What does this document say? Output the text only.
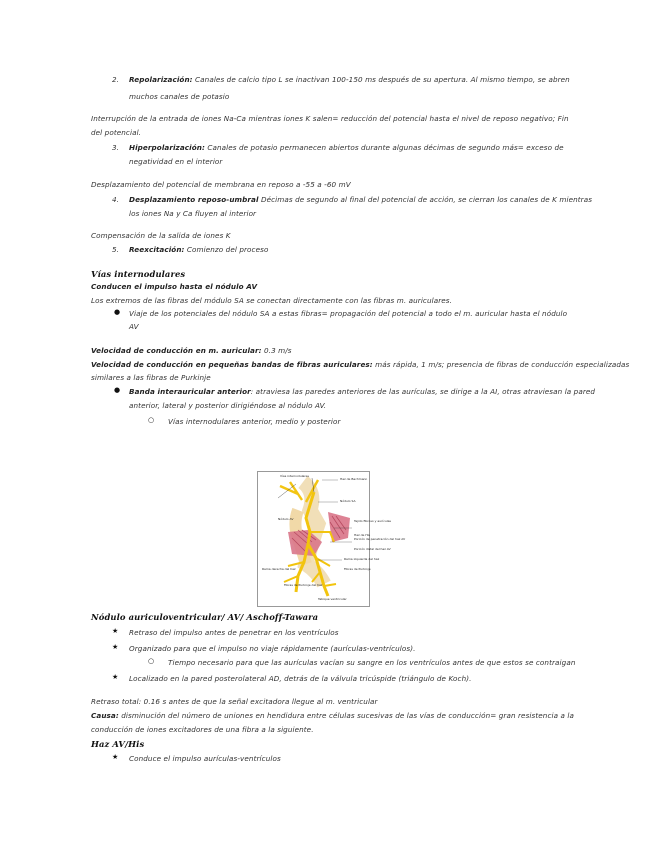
2. Repolarización: Canales de calcio tipo L se inactivan 100-150 ms después de su apertura. Al mismo tiempo, se abren
muchos canales de potasio
Interrupción de la entrada de iones Na-Ca mientras iones K salen= reducción del potencial hasta el nivel de reposo negativo; Fin
del potencial.
3. Hiperpolarización: Canales de potasio permanecen abiertos durante algunas décimas de segundo más= exceso de
negatividad en el interior
Desplazamiento del potencial de membrana en reposo a -55 a -60 mV
4. Desplazamiento reposo-umbral Décimas de segundo al final del potencial de acción, se cierran los canales de K mientras
los iones Na y Ca fluyen al interior
Compensación de la salida de iones K
5. Reexcitación: Comienzo del proceso
Vías internodulares
Conducen el impulso hasta el nódulo AV
Los extremos de las fibras del módulo SA se conectan directamente con las fibras m. auriculares.
● Viaje de los potenciales del nódulo SA a estas fibras= propagación del potencial a todo el m. auricular hasta el nódulo
AV
Velocidad de conducción en m. auricular: 0.3 m/s
Velocidad de conducción en pequeñas bandas de fibras auriculares: más rápida, 1 m/s; presencia de fibras de conducción especializadas
similares a las fibras de Purkinje
● Banda interauricular anterior: atraviesa las paredes anteriores de las aurículas, se dirige a la AI, otras atraviesan la pared
anterior, lateral y posterior dirigiéndose al nódulo AV.
○ Vías internodulares anterior, medio y posterior
Vías internodulares
Haz de Bachmann
Nódulo SA
Nódulo AV	Tejido fibroso y aurículas
Haz de His
Porción de penetración del haz AV
Porción distal del haz AV
Rama izquierda del haz
Rama derecha del haz	Fibras de Purkinje
Tabique ventricular
Fibras de Purkinje del haz
Nódulo auriculoventricular/ AV/ Aschoff-Tawara
★ Retraso del impulso antes de penetrar en los ventrículos
★ Organizado para que el impulso no viaje rápidamente (aurículas-ventrículos).
○ Tiempo necesario para que las aurículas vacían su sangre en los ventrículos antes de que estos se contraigan
★ Localizado en la pared posterolateral AD, detrás de la válvula tricúspide (triángulo de Koch).
Retraso total: 0.16 s antes de que la señal excitadora llegue al m. ventricular
Causa: disminución del número de uniones en hendidura entre células sucesivas de las vías de conducción= gran resistencia a la
conducción de iones excitadores de una fibra a la siguiente.
Haz AV/His
★ Conduce el impulso aurículas-ventrículos
